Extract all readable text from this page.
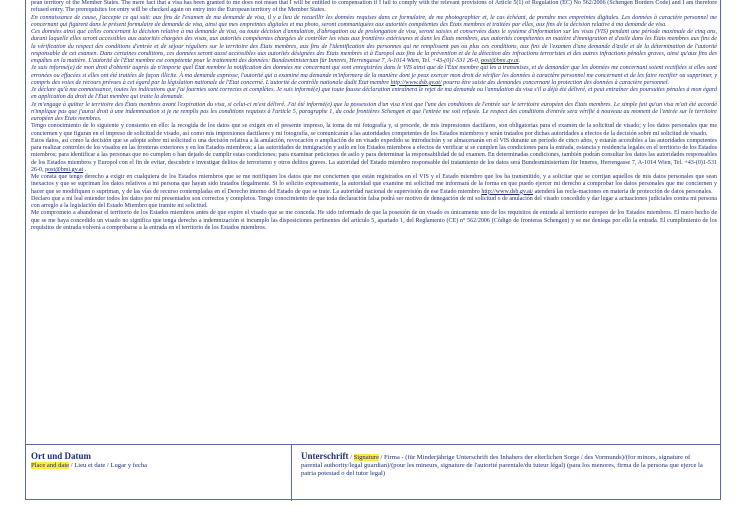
pean territory of the Member States. The mere fact that a visa has been granted to me does not mean that I will be entitled to compensation if I fail to comply with the relevant provisions of Article 5(1) of Regulation (EC) No 562/2006 (Schengen Borders Code) and I am therefore refused entry. The prerequisites for entry will be checked again on entry into the European territory of the Member States.

En connaissance de cause, j'accepte ce qui suit: aux fins de l'examen de ma demande de visa, il y a lieu de recueillir les données requises dans ce formulaire, de me photographier et, le cas échéant, de prendre mes empreintes digitales. Les données à caractère personnel me concernant qui figurent dans le présent formulaire de demande de visa, ainsi que mes empreintes digitales et ma photo, seront communiquées aux autorités compétentes des États membres et traitées par elles, aux fins de la décision relative à ma demande de visa.

Ces données ainsi que celles concernant la décision relative à ma demande de visa, ou toute décision d'annulation, d'abrogation ou de prolongation de visa, seront saisies et conservées dans le système d'information sur les visas (VIS) pendant une période maximale de cinq ans, durant laquelle elles seront accessibles aux autorités chargées des visas, aux autorités compétentes chargées de contrôler les visas aux frontières extérieures et dans les États membres, aux autorités compétentes en matière d'immigration et d'asile dans les États membres aux fins de la vérification du respect des conditions d'entrée et de séjour réguliers sur le territoire des États membres, aux fins de l'identification des personnes qui ne remplissent pas ou plus ces conditions, aux fins de l'examen d'une demande d'asile et de la détermination de l'autorité responsable de cet examen. Dans certaines conditions, ces données seront aussi accessibles aux autorités désignées des États membres et à Europol aux fins de la prévention et de la détection des infractions terroristes et des autres infractions pénales graves, ainsi qu'aux fins des enquêtes en la matière. L'autorité de l'État membre est compétente pour le traitement des données: Bundesministerium für Inneres, Herrengasse 7, A-1014 Wien, Tel. +43-(0)1-531 26-0, post@bmi.gv.at.

Je suis informé(e) de mon droit d'obtenir auprès de n'importe quel État membre la notification des données me concernant qui sont enregistrées dans le VIS ainsi que de l'État membre qui les a transmises, et de demander que les données me concernant soient rectifiées si elles sont erronées ou effacées si elles ont été traitées de façon illicite. À ma demande expresse, l'autorité qui a examiné ma demande m'informera de la manière dont je peux exercer mon droit de vérifier les données à caractère personnel me concernant et de les faire rectifier ou supprimer, y compris des voies de recours prévues à cet égard par la législation nationale de l'État concerné. L'autorité de contrôle nationale dudit État membre http://www.dsb.gv.at/ pourra être saisie des demandes concernant la protection des données à caractère personnel.

Je déclare qu'à ma connaissance, toutes les indications que j'ai fournies sont correctes et complètes. Je suis informé(e) que toute fausse déclaration entraînera le rejet de ma demande ou l'annulation du visa s'il a déjà été délivré, et peut entraîner des poursuites pénales à mon égard en application du droit de l'État membre qui traite la demande.

Je m'engage à quitter le territoire des États membres avant l'expiration du visa, si celui-ci m'est délivré. J'ai été informé(e) que la possession d'un visa n'est que l'une des conditions de l'entrée sur le territoire européen des États membres. Le simple fait qu'un visa m'ait été accordé n'implique pas que j'aurai droit à une indemnisation si je ne remplis pas les conditions requises à l'article 5, paragraphe 1, du code frontières Schengen et que l'entrée me soit refusée. Le respect des conditions d'entrée sera vérifié à nouveau au moment de l'entrée sur le territoire européen des États membres.

Tengo conocimiento de lo siguiente y consiento en ello: la recogida de los datos que se exigen en el presente impreso, la toma de mi fotografía y, si procede, de mis impresiones dactilares, son obligatorias para el examen de la solicitud de visado; y los datos personales que me conciernen y que figuran en el impreso de solicitud de visado, así como mis impresiones dactilares y mi fotografía, se comunicarán a las autoridades competentes de los Estados miembros y serán tratados por dichas autoridades a efectos de la decisión sobre mi solicitud de visado.

Estos datos, así como la decisión que se adopte sobre mi solicitud o una decisión relativa a la anulación, revocación o ampliación de un visado expedido se introducirán y se almacenarán en el VIS durante un período de cinco años, y estarán accesibles a las autoridades competentes para realizar controles de los visados en las fronteras exteriores y en los Estados miembros; a las autoridades de inmigración y asilo en los Estados miembros a efectos de verificar si se cumplen las condiciones para la entrada, estancia y residencia legales en el territorio de los Estados miembros; para identificar a las personas que no cumplen o han dejado de cumplir estas condiciones; para examinar peticiones de asilo y para determinar la responsabilidad de tal examen. En determinadas condiciones, también podrán consultar los datos las autoridades responsables de los Estados miembros y Europol con el fin de evitar, descubrir e investigar delitos de terrorismo y otros delitos graves. La autoridad del Estado miembro responsable del tratamiento de los datos será Bundesministerium für Inneres, Herrengasse 7, A-1014 Wien, Tel. +43-(0)1-531 26-0, post@bmi.gv.at .

Me consta que tengo derecho a exigir en cualquiera de los Estados miembros que se me notifiquen los datos que me conciernen que están registrados en el VIS y el Estado miembro que los ha transmitido, y a solicitar que se corrijan aquellos de mis datos personales que sean inexactos y que se supriman los datos relativos a mi persona que hayan sido tratados ilegalmente. Si lo solicito expresamente, la autoridad que examine mi solicitud me informará de la forma en que puedo ejercer mi derecho a comprobar los datos personales que me conciernen y hacer que se modifiquen o supriman, y de las vías de recurso contempladas en el Derecho interno del Estado de que se trate. La autoridad nacional de supervisión de ese Estado miembro http://www.dsb.gv.at/ atenderá las recla-maciones en materia de protección de datos personales.

Declaro que a mi leal entender todos los datos por mí presentados son correctos y completos. Tengo conocimiento de que toda declaración falsa podrá ser motivo de denegación de mi solicitud o de anulación del visado concedido y dar lugar a actuaciones judiciales contra mi persona con arreglo a la legislación del Estado Miembro que tramite mi solicitud.

Me comprometo a abandonar el territorio de los Estados miembros antes de que expire el visado que se me conceda. He sido informado de que la posesión de un visado es únicamente uno de los requisitos de entrada al territorio europeo de los Estados miembros. El mero hecho de que se me haya concedido un visado no significa que tenga derecho a indemnización si incumplo las disposiciones pertinentes del artículo 5, apartado 1, del Reglamento (CE) n° 562/2006 (Código de fronteras Schengen) y se me deniega por ello la entrada. El cumplimiento de los requisitos de entrada volverá a comprobarse a la entrada en el territorio de los Estados miembros.

Ort und Datum
Place and date / Lieu et date / Lugar y fecha
Unterschrift / Signature / Firma - (für Minderjährige Unterschrift des Inhabers der elterlichen Sorge / des Vormunds)/(for minors, signature of parental authority/legal guardian)/(pour les mineurs, signature de l'autorité parentale/du tuteur légal) (para los menores, firma de la persona que ejerce la patria potestad o del tutor legal)
